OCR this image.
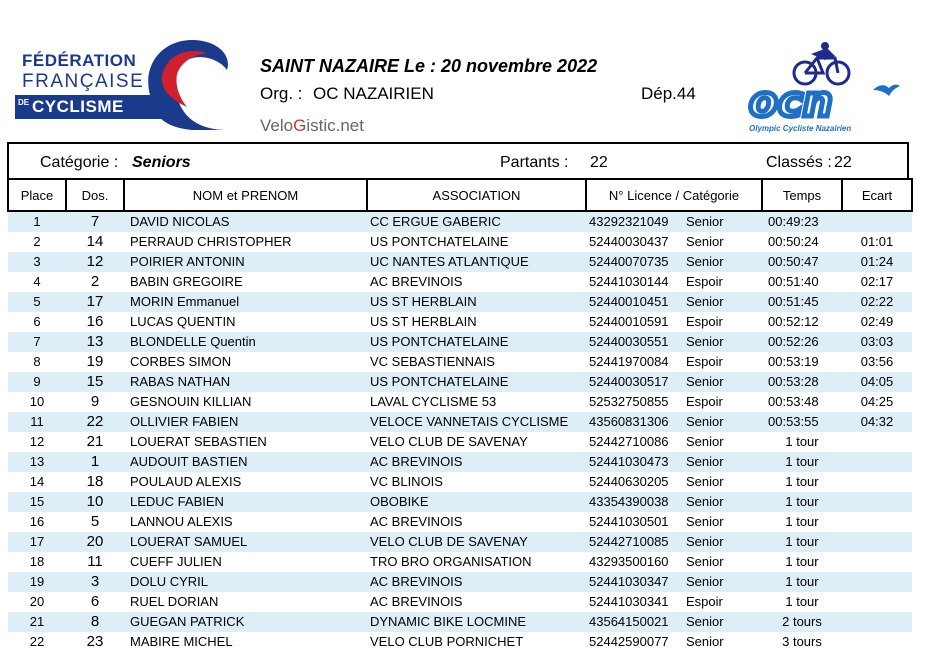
FÉDÉRATION
FRANÇAISE
DE CYCLISME
SAINT NAZAIRE Le : 20 novembre 2022
Org. : OC NAZAIRIEN	Dép.44
VeloGistic.net	ocn
Olympic Cycliste Nazairien
Catégorie : Seniors	Partants : 22	Classés : 22
Place	Dos.	NOM et PRENOM	ASSOCIATION	N° Licence / Catégorie		Temps	Ecart
1	7	DAVID NICOLAS	CC ERGUE GABERIC	43292321049	Senior	00:49:23	
2	14	PERRAUD CHRISTOPHER	US PONTCHATELAINE	52440030437	Senior	00:50:24	01:01
3	12	POIRIER ANTONIN	UC NANTES ATLANTIQUE	52440070735	Senior	00:50:47	01:24
4	2	BABIN GREGOIRE	AC BREVINOIS	52441030144	Espoir	00:51:40	02:17
5	17	MORIN Emmanuel	US ST HERBLAIN	52440010451	Senior	00:51:45	02:22
6	16	LUCAS QUENTIN	US ST HERBLAIN	52440010591	Espoir	00:52:12	02:49
7	13	BLONDELLE Quentin	US PONTCHATELAINE	52440030551	Senior	00:52:26	03:03
8	19	CORBES SIMON	VC SEBASTIENNAIS	52441970084	Espoir	00:53:19	03:56
9	15	RABAS NATHAN	US PONTCHATELAINE	52440030517	Senior	00:53:28	04:05
10	9	GESNOUIN KILLIAN	LAVAL CYCLISME 53	52532750855	Espoir	00:53:48	04:25
11	22	OLLIVIER FABIEN	VELOCE VANNETAIS CYCLISME	43560831306	Senior	00:53:55	04:32
12	21	LOUERAT SEBASTIEN	VELO CLUB DE SAVENAY	52442710086	Senior	1 tour	
13	1	AUDOUIT BASTIEN	AC BREVINOIS	52441030473	Senior	1 tour	
14	18	POULAUD ALEXIS	VC BLINOIS	52440630205	Senior	1 tour	
15	10	LEDUC FABIEN	OBOBIKE	43354390038	Senior	1 tour	
16	5	LANNOU ALEXIS	AC BREVINOIS	52441030501	Senior	1 tour	
17	20	LOUERAT SAMUEL	VELO CLUB DE SAVENAY	52442710085	Senior	1 tour	
18	11	CUEFF JULIEN	TRO BRO ORGANISATION	43293500160	Senior	1 tour	
19	3	DOLU CYRIL	AC BREVINOIS	52441030347	Senior	1 tour	
20	6	RUEL DORIAN	AC BREVINOIS	52441030341	Espoir	1 tour	
21	8	GUEGAN PATRICK	DYNAMIC BIKE LOCMINE	43564150021	Senior	2 tours	
22	23	MABIRE MICHEL	VELO CLUB PORNICHET	52442590077	Senior	3 tours	
